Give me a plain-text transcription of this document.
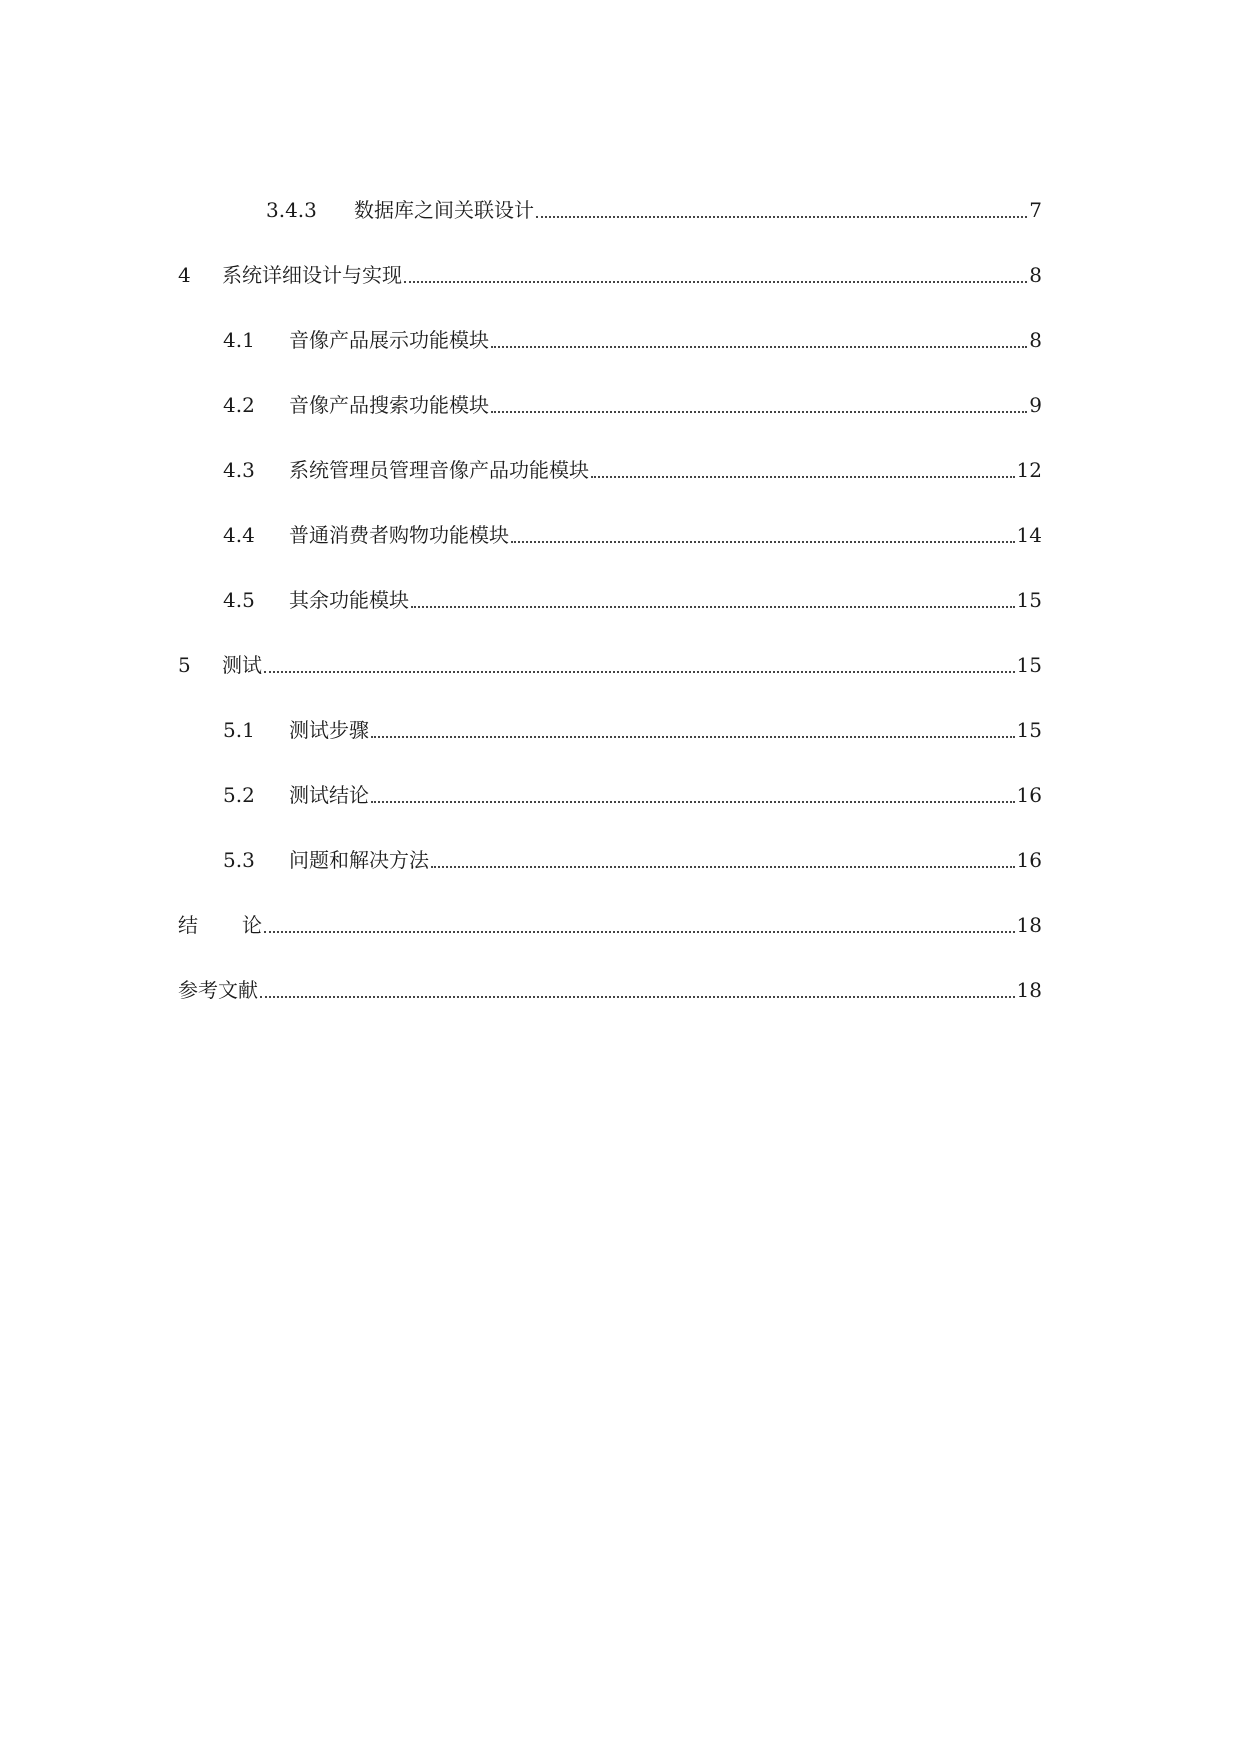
3.4.3	数据库之间关联设计	7
4	系统详细设计与实现	8
4.1	音像产品展示功能模块	8
4.2	音像产品搜索功能模块	9
4.3	系统管理员管理音像产品功能模块	12
4.4	普通消费者购物功能模块	14
4.5	其余功能模块	15
5	测试	15
5.1	测试步骤	15
5.2	测试结论	16
5.3	问题和解决方法	16
结论	18
参考文献	18
